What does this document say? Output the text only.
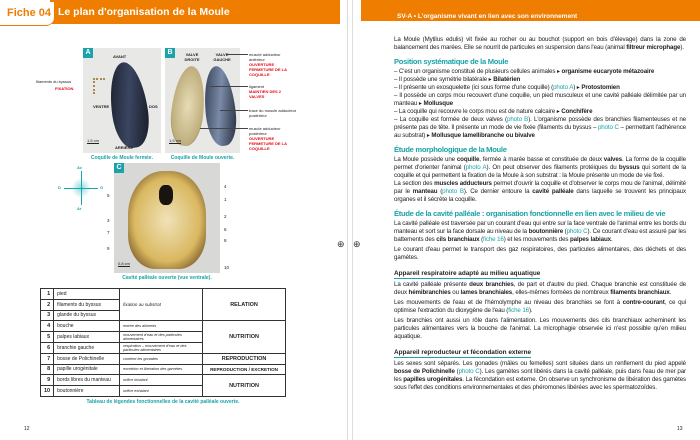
Fiche 04 Le plan d'organisation de la Moule
A
AVANT
ARRIÈRE
VENTRE	DOS
1,5 cm
filaments du byssus
FIXATION
Coquille de Moule fermée.
B	VALVE DROITE
VALVE GAUCHE
1,5 cm
Coquille de Moule ouverte.
muscle adducteur antérieur
OUVERTURE FERMETURE DE LA COQUILLE
ligament
MAINTIEN DES 2 VALVES
trace du muscle adducteur postérieur
muscle adducteur postérieur
OUVERTURE FERMETURE DE LA COQUILLE
Av
Ar
D	G
C
0,8 cm
5
3
7
9
4
1
2
6
8
10
Cavité palléale ouverte (vue ventrale).
1	pied	fixation au substrat	RELATION
2	filaments du byssus		
3	glande du byssus		
4	bouche	entrée des aliments	NUTRITION
5	palpes labiaux	mouvement d'eau et des particules alimentaires	
6	branchie gauche	respiration – mouvement d'eau et des particules alimentaires	
7	bosse de Polichinelle	contient les gonades	REPRODUCTION
8	papille urogénitale	excrétion et libération des gamètes	REPRODUCTION / EXCRETION
9	bords libres du manteau	orifice inhalant	NUTRITION
10	boutonnière	orifice exhalant	
Tableau de légendes fonctionnelles de la cavité palléale ouverte.
12
⊕ ⊕
SV-A • L'organisme vivant en lien avec son environnement
La Moule (Mytilus edulis) vit fixée au rocher ou au bouchot (support en bois d'élevage) dans la zone de balancement des marées. Elle se nourrit de particules en suspension dans l'eau (animal filtreur microphage).
Position systématique de la Moule
– C'est un organisme constitué de plusieurs cellules animales ▸ organisme eucaryote métazoaire
– Il possède une symétrie bilatérale ▸ Bilatérien
– Il présente un exosquelette (ici sous forme d'une coquille) (photo A) ▸ Protostomien
– Il possède un corps mou recouvert d'une coquille, un pied musculeux et une cavité palléale délimitée par un manteau ▸ Mollusque
– La coquille qui recouvre le corps mou est de nature calcaire ▸ Conchifère
– La coquille est formée de deux valves (photo B). L'organisme possède des branchies filamenteuses et ne présente pas de tête. Il présente un mode de vie fixée (filaments du byssus – photo C – permettant l'adhérence au substrat) ▸ Mollusque lamellibranche ou bivalve
Étude morphologique de la Moule
La Moule possède une coquille, fermée à marée basse et constituée de deux valves. La forme de la coquille permet d'orienter l'animal (photo A). On peut observer des filaments protéiques du byssus qui sortent de la coquille et qui permettent la fixation de la Moule à son substrat : la Moule présente un mode de vie fixé.
La section des muscles adducteurs permet d'ouvrir la coquille et d'observer le corps mou de l'animal, délimité par le manteau (photo B). Ce dernier entoure la cavité palléale dans laquelle se trouvent les principaux organes et il sécrète la coquille.
Étude de la cavité palléale : organisation fonctionnelle en lien avec le milieu de vie
La cavité palléale est traversée par un courant d'eau qui entre sur la face ventrale de l'animal entre les bords du manteau et sort sur la face dorsale au niveau de la boutonnière (photo C). Ce courant d'eau est assuré par les battements des cils branchiaux (fiche 16) et les mouvements des palpes labiaux.
Le courant d'eau permet le transport des gaz respiratoires, des particules alimentaires, des déchets et des gamètes.
Appareil respiratoire adapté au milieu aquatique
La cavité palléale présente deux branchies, de part et d'autre du pied. Chaque branchie est constituée de deux hémibranchies ou lames branchiales, elles-mêmes formées de nombreux filaments branchiaux.
Les mouvements de l'eau et de l'hémolymphe au niveau des branchies se font à contre-courant, ce qui optimise l'extraction du dioxygène de l'eau (fiche 16).
Les branchies ont aussi un rôle dans l'alimentation. Les mouvements des cils branchiaux acheminent les particules alimentaires vers la bouche de l'animal. La microphagie observée ici n'est possible qu'en milieu aquatique.
Appareil reproducteur et fécondation externe
Les sexes sont séparés. Les gonades (mâles ou femelles) sont situées dans un renflement du pied appelé bosse de Polichinelle (photo C). Les gamètes sont libérés dans la cavité palléale, puis dans l'eau de mer par les papilles urogénitales. La fécondation est externe. On observe un synchronisme de libération des gamètes sous l'effet des conditions environnementales et des phéromones libérées avec les spermatozoïdes.
13
